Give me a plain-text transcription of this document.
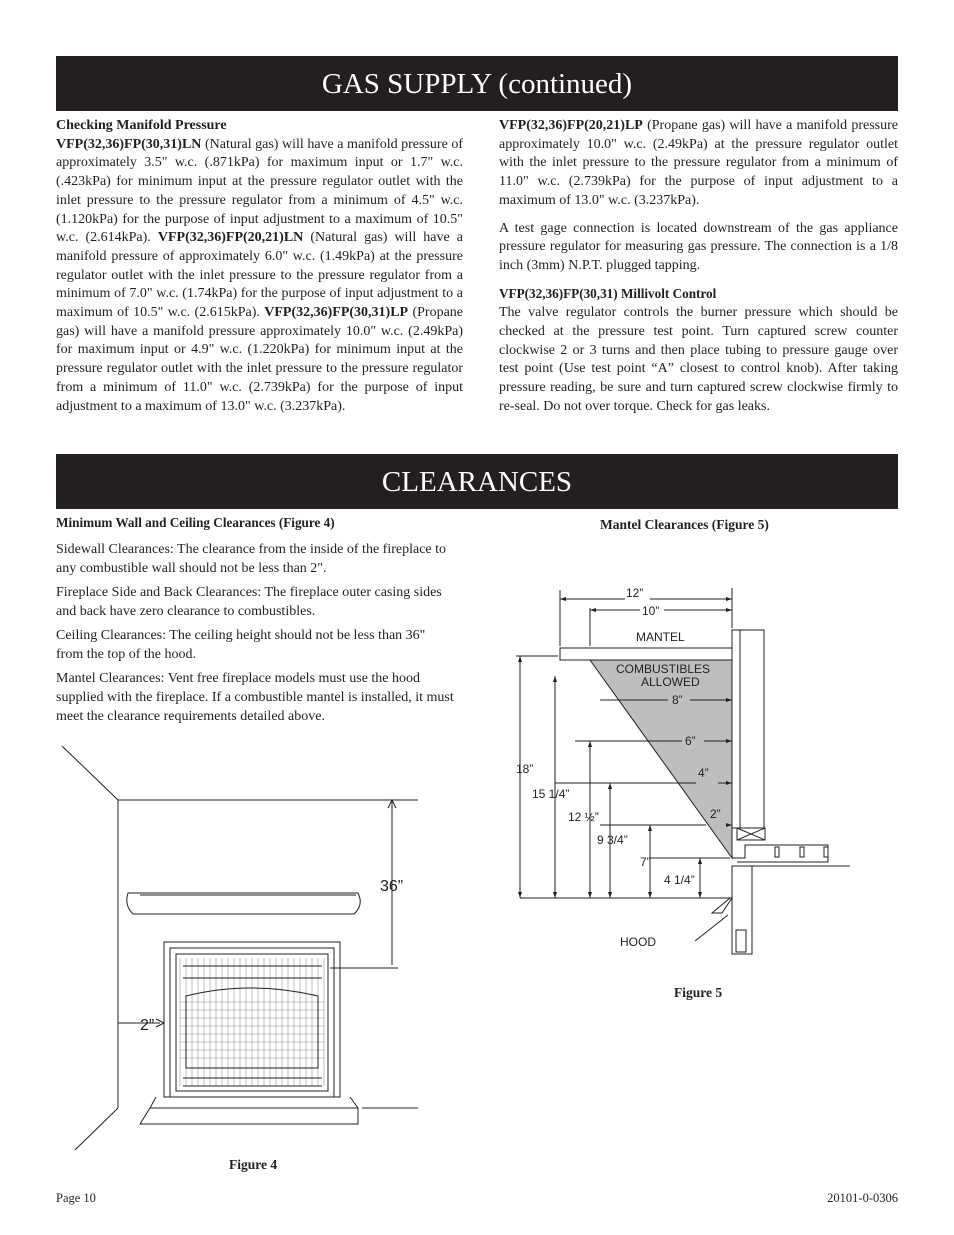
GAS SUPPLY (continued)

Checking Manifold Pressure
VFP(32,36)FP(30,31)LN (Natural gas) will have a manifold pressure of approximately 3.5" w.c. (.871kPa) for maximum input or 1.7" w.c. (.423kPa) for minimum input at the pressure regulator outlet with the inlet pressure to the pressure regulator from a minimum of 4.5" w.c. (1.120kPa) for the purpose of input adjustment to a maximum of 10.5" w.c. (2.614kPa). VFP(32,36)FP(20,21)LN (Natural gas) will have a manifold pressure of approximately 6.0" w.c. (1.49kPa) at the pressure regulator outlet with the inlet pressure to the pressure regulator from a minimum of 7.0" w.c. (1.74kPa) for the purpose of input adjustment to a maximum of 10.5" w.c. (2.615kPa). VFP(32,36)FP(30,31)LP (Propane gas) will have a manifold pressure approximately 10.0" w.c. (2.49kPa) for maximum input or 4.9" w.c. (1.220kPa) for minimum input at the pressure regulator outlet with the inlet pressure to the pressure regulator from a minimum of 11.0" w.c. (2.739kPa) for the purpose of input adjustment to a maximum of 13.0" w.c. (3.237kPa).

VFP(32,36)FP(20,21)LP (Propane gas) will have a manifold pressure approximately 10.0" w.c. (2.49kPa) at the pressure regulator outlet with the inlet pressure to the pressure regulator from a minimum of 11.0" w.c. (2.739kPa) for the purpose of input adjustment to a maximum of 13.0" w.c. (3.237kPa).

A test gage connection is located downstream of the gas appliance pressure regulator for measuring gas pressure. The connection is a 1/8 inch (3mm) N.P.T. plugged tapping.

VFP(32,36)FP(30,31) Millivolt Control
The valve regulator controls the burner pressure which should be checked at the pressure test point. Turn captured screw counter clockwise 2 or 3 turns and then place tubing to pressure gauge over test point (Use test point “A” closest to control knob). After taking pressure reading, be sure and turn captured screw clockwise firmly to re-seal. Do not over torque. Check for gas leaks.

CLEARANCES

Minimum Wall and Ceiling Clearances (Figure 4)

Sidewall Clearances: The clearance from the inside of the fireplace to any combustible wall should not be less than 2".

Fireplace Side and Back Clearances: The fireplace outer casing sides and back have zero clearance to combustibles.

Ceiling Clearances: The ceiling height should not be less than 36" from the top of the hood.

Mantel Clearances: Vent free fireplace models must use the hood supplied with the fireplace. If a combustible mantel is installed, it must meet the clearance requirements detailed above.

Mantel Clearances (Figure 5)
36”
2”
Figure 4
12”
10”
MANTEL
COMBUSTIBLES
ALLOWED
8”
6”
4”
2”
18”
15 1/4”
12 ½”
9 3/4”
7”
4 1/4”
HOOD
Figure 5
Page 10	20101-0-0306
